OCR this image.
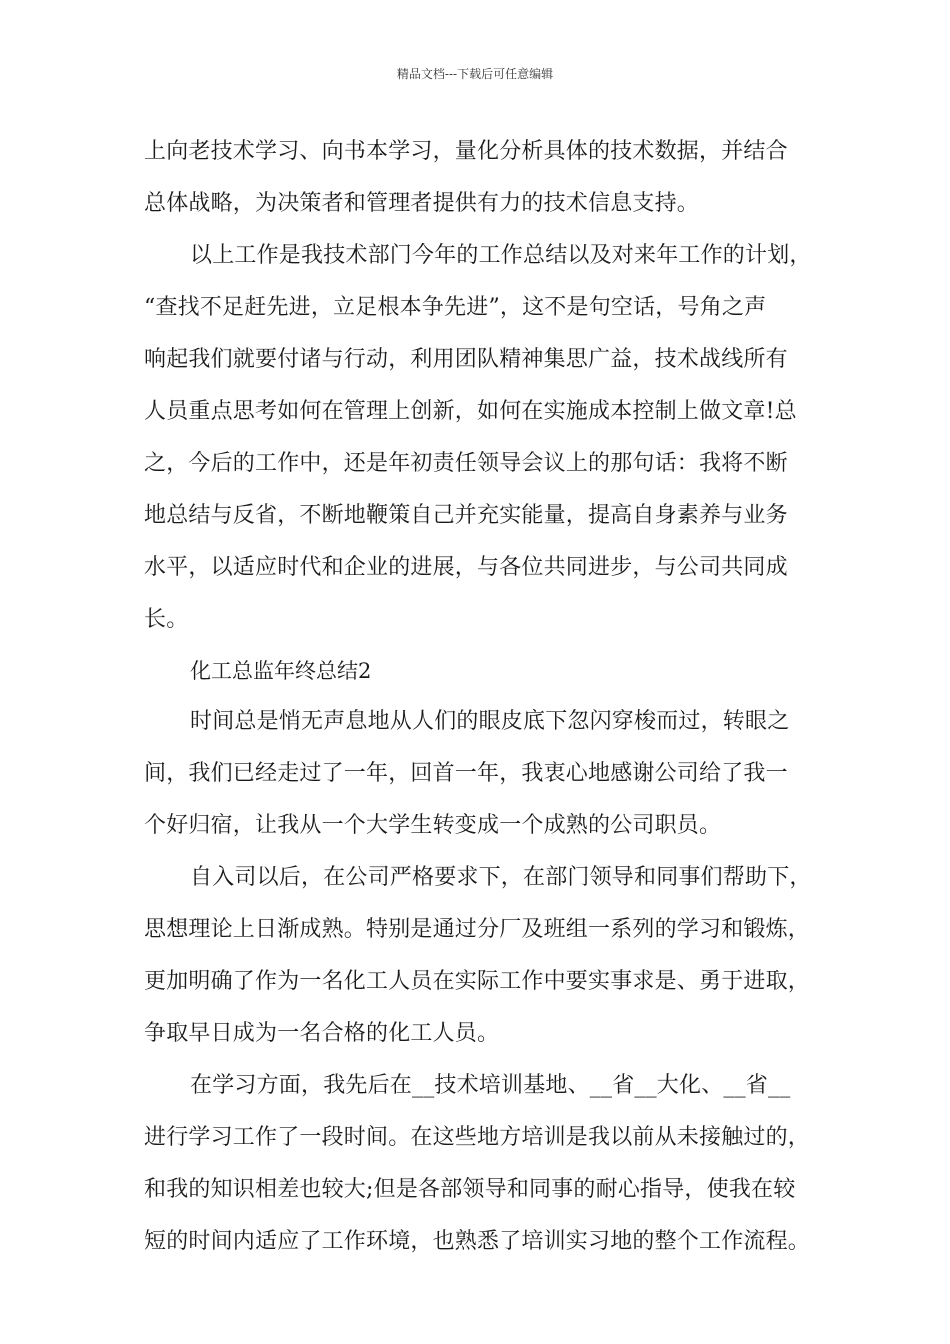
精品文档---下载后可任意编辑
上向老技术学习、向书本学习，量化分析具体的技术数据，并结合
总体战略，为决策者和管理者提供有力的技术信息支持。
以上工作是我技术部门今年的工作总结以及对来年工作的计划，
“查找不足赶先进，立足根本争先进”，这不是句空话，号角之声
响起我们就要付诸与行动，利用团队精神集思广益，技术战线所有
人员重点思考如何在管理上创新，如何在实施成本控制上做文章!总
之，今后的工作中，还是年初责任领导会议上的那句话：我将不断
地总结与反省，不断地鞭策自己并充实能量，提高自身素养与业务
水平，以适应时代和企业的进展，与各位共同进步，与公司共同成
长。
化工总监年终总结2
时间总是悄无声息地从人们的眼皮底下忽闪穿梭而过，转眼之
间，我们已经走过了一年，回首一年，我衷心地感谢公司给了我一
个好归宿，让我从一个大学生转变成一个成熟的公司职员。
自入司以后，在公司严格要求下，在部门领导和同事们帮助下，
思想理论上日渐成熟。特别是通过分厂及班组一系列的学习和锻炼，
更加明确了作为一名化工人员在实际工作中要实事求是、勇于进取，
争取早日成为一名合格的化工人员。
在学习方面，我先后在__技术培训基地、__省__大化、__省__
进行学习工作了一段时间。在这些地方培训是我以前从未接触过的，
和我的知识相差也较大;但是各部领导和同事的耐心指导，使我在较
短的时间内适应了工作环境，也熟悉了培训实习地的整个工作流程。
